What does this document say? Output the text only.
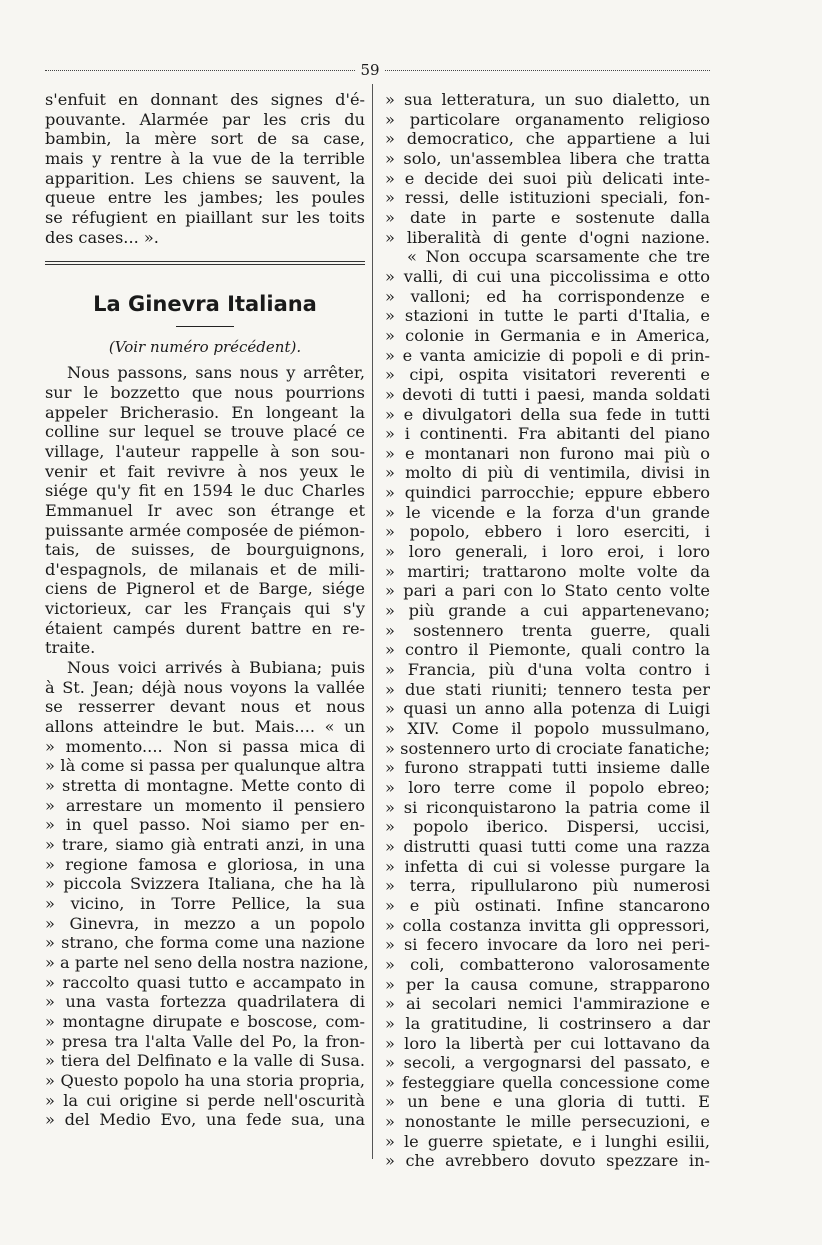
59
s'enfuit en donnant des signes d'é-
pouvante. Alarmée par les cris du
bambin, la mère sort de sa case,
mais y rentre à la vue de la terrible
apparition. Les chiens se sauvent, la
queue entre les jambes; les poules
se réfugient en piaillant sur les toits
des cases... ».
La Ginevra Italiana
(Voir numéro précédent).
Nous passons, sans nous y arrêter,
sur le bozzetto que nous pourrions
appeler Bricherasio. En longeant la
colline sur lequel se trouve placé ce
village, l'auteur rappelle à son sou-
venir et fait revivre à nos yeux le
siége qu'y fit en 1594 le duc Charles
Emmanuel Ir avec son étrange et
puissante armée composée de piémon-
tais, de suisses, de bourguignons,
d'espagnols, de milanais et de mili-
ciens de Pignerol et de Barge, siége
victorieux, car les Français qui s'y
étaient campés durent battre en re-
traite.
Nous voici arrivés à Bubiana; puis
à St. Jean; déjà nous voyons la vallée
se resserrer devant nous et nous
allons atteindre le but. Mais.... « un
» momento.... Non si passa mica di
» là come si passa per qualunque altra
» stretta di montagne. Mette conto di
» arrestare un momento il pensiero
» in quel passo. Noi siamo per en-
» trare, siamo già entrati anzi, in una
» regione famosa e gloriosa, in una
» piccola Svizzera Italiana, che ha là
» vicino, in Torre Pellice, la sua
» Ginevra, in mezzo a un popolo
» strano, che forma come una nazione
» a parte nel seno della nostra nazione,
» raccolto quasi tutto e accampato in
» una vasta fortezza quadrilatera di
» montagne dirupate e boscose, com-
» presa tra l'alta Valle del Po, la fron-
» tiera del Delfinato e la valle di Susa.
» Questo popolo ha una storia propria,
» la cui origine si perde nell'oscurità
» del Medio Evo, una fede sua, una
» sua letteratura, un suo dialetto, un
» particolare organamento religioso
» democratico, che appartiene a lui
» solo, un'assemblea libera che tratta
» e decide dei suoi più delicati inte-
» ressi, delle istituzioni speciali, fon-
» date in parte e sostenute dalla
» liberalità di gente d'ogni nazione.
« Non occupa scarsamente che tre
» valli, di cui una piccolissima e otto
» valloni; ed ha corrispondenze e
» stazioni in tutte le parti d'Italia, e
» colonie in Germania e in America,
» e vanta amicizie di popoli e di prin-
» cipi, ospita visitatori reverenti e
» devoti di tutti i paesi, manda soldati
» e divulgatori della sua fede in tutti
» i continenti. Fra abitanti del piano
» e montanari non furono mai più o
» molto di più di ventimila, divisi in
» quindici parrocchie; eppure ebbero
» le vicende e la forza d'un grande
» popolo, ebbero i loro eserciti, i
» loro generali, i loro eroi, i loro
» martiri; trattarono molte volte da
» pari a pari con lo Stato cento volte
» più grande a cui appartenevano;
» sostennero trenta guerre, quali
» contro il Piemonte, quali contro la
» Francia, più d'una volta contro i
» due stati riuniti; tennero testa per
» quasi un anno alla potenza di Luigi
» XIV. Come il popolo mussulmano,
» sostennero urto di crociate fanatiche;
» furono strappati tutti insieme dalle
» loro terre come il popolo ebreo;
» si riconquistarono la patria come il
» popolo iberico. Dispersi, uccisi,
» distrutti quasi tutti come una razza
» infetta di cui si volesse purgare la
» terra, ripullularono più numerosi
» e più ostinati. Infine stancarono
» colla costanza invitta gli oppressori,
» si fecero invocare da loro nei peri-
» coli, combatterono valorosamente
» per la causa comune, strapparono
» ai secolari nemici l'ammirazione e
» la gratitudine, li costrinsero a dar
» loro la libertà per cui lottavano da
» secoli, a vergognarsi del passato, e
» festeggiare quella concessione come
» un bene e una gloria di tutti. E
» nonostante le mille persecuzioni, e
» le guerre spietate, e i lunghi esilii,
» che avrebbero dovuto spezzare in-
